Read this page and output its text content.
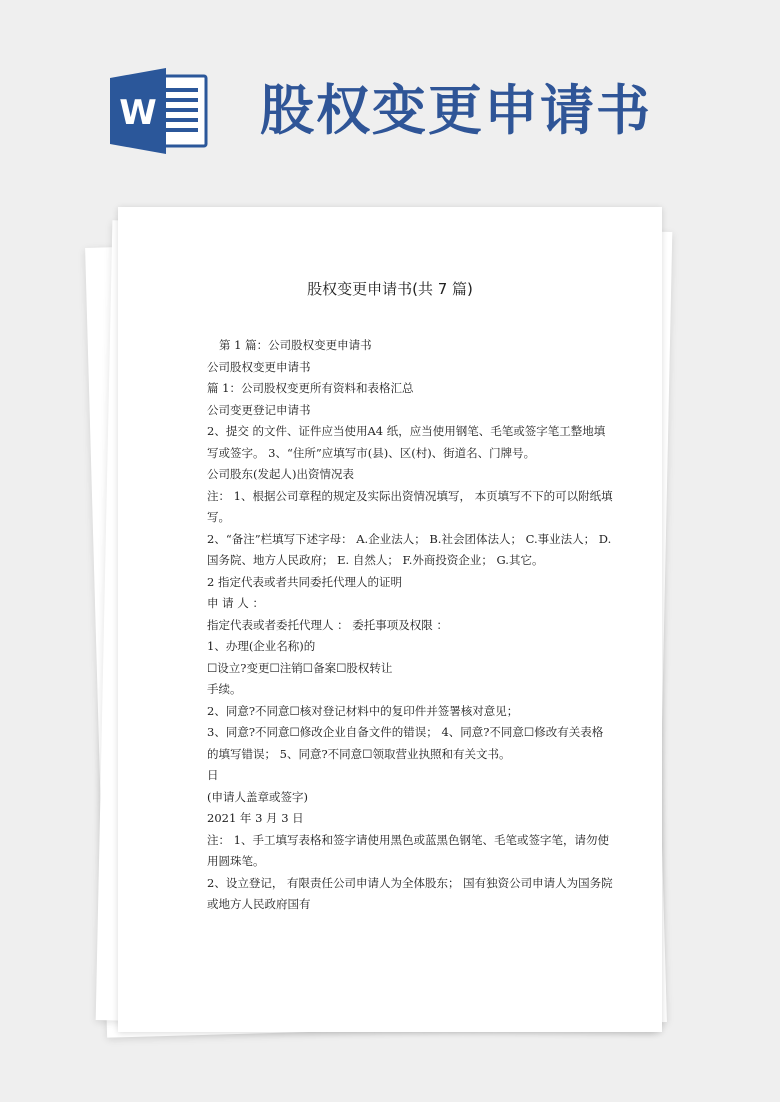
W 股权变更申请书
股权变更申请书(共 7 篇)

第 1 篇：公司股权变更申请书

公司股权变更申请书

篇 1：公司股权变更所有资料和表格汇总

公司变更登记申请书

2、提交 的文件、证件应当使用A4 纸，应当使用钢笔、毛笔或签字笔工整地填写或签字。 3、“住所”应填写市(县)、区(村)、街道名、门牌号。

公司股东(发起人)出资情况表

注： 1、根据公司章程的规定及实际出资情况填写， 本页填写不下的可以附纸填写。

2、“备注”栏填写下述字母： A.企业法人； B.社会团体法人； C.事业法人； D.国务院、地方人民政府； E. 自然人； F.外商投资企业； G.其它。

2 指定代表或者共同委托代理人的证明

申 请 人 ：

指定代表或者委托代理人 ： 委托事项及权限 ：

1、办理(企业名称)的

☐设立?变更☐注销☐备案☐股权转让

手续。

2、同意?不同意☐核对登记材料中的复印件并签署核对意见；

3、同意?不同意☐修改企业自备文件的错误； 4、同意?不同意☐修改有关表格的填写错误； 5、同意?不同意☐领取营业执照和有关文书。

日

(申请人盖章或签字)

2021 年 3 月 3 日

注： 1、手工填写表格和签字请使用黑色或蓝黑色钢笔、毛笔或签字笔，请勿使用圆珠笔。

2、设立登记， 有限责任公司申请人为全体股东； 国有独资公司申请人为国务院或地方人民政府国有
